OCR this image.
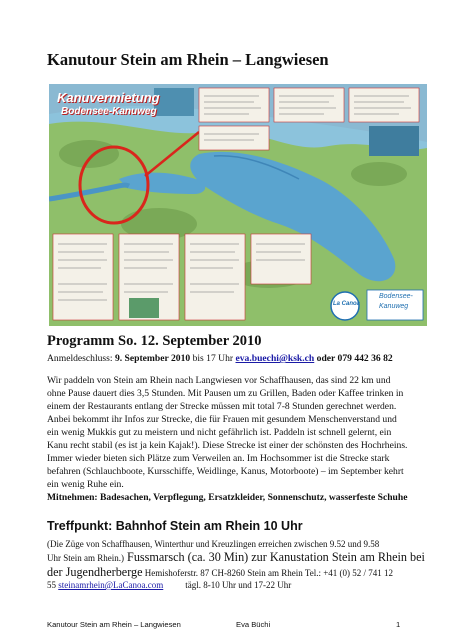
Kanutour Stein am Rhein – Langwiesen
Kanuvermietung
Bodensee-Kanuweg
La Canoa
Bodensee-
Kanuweg
Programm So. 12. September 2010
Anmeldeschluss: 9. September 2010 bis 17 Uhr eva.buechi@ksk.ch oder 079 442 36 82
Wir paddeln von Stein am Rhein nach Langwiesen vor Schaffhausen, das sind 22 km und
ohne Pause dauert dies 3,5 Stunden. Mit Pausen um zu Grillen, Baden oder Kaffee trinken in
einem der Restaurants entlang der Strecke müssen mit total 7-8 Stunden gerechnet werden.
Anbei bekommt ihr Infos zur Strecke, die für Frauen mit gesundem Menschenverstand und
ein wenig Mukkis gut zu meistern und nicht gefährlich ist. Paddeln ist schnell gelernt, ein
Kanu recht stabil (es ist ja kein Kajak!). Diese Strecke ist einer der schönsten des Hochrheins.
Immer wieder bieten sich Plätze zum Verweilen an. Im Hochsommer ist die Strecke stark
befahren (Schlauchboote, Kursschiffe, Weidlinge, Kanus, Motorboote) – im September kehrt
ein wenig Ruhe ein.
Mitnehmen: Badesachen, Verpflegung, Ersatzkleider, Sonnenschutz, wasserfeste Schuhe
Treffpunkt: Bahnhof Stein am Rhein 10 Uhr
(Die Züge von Schaffhausen, Winterthur und Kreuzlingen erreichen zwischen 9.52 und 9.58
Uhr Stein am Rhein.) Fussmarsch (ca. 30 Min) zur Kanustation Stein am Rhein bei
der Jugendherberge Hemishoferstr. 87 CH-8260 Stein am Rhein Tel.: +41 (0) 52 / 741 12
55 steinamrhein@LaCanoa.com tägl. 8-10 Uhr und 17-22 Uhr
Kanutour Stein am Rhein – Langwiesen	Eva Büchi	1
